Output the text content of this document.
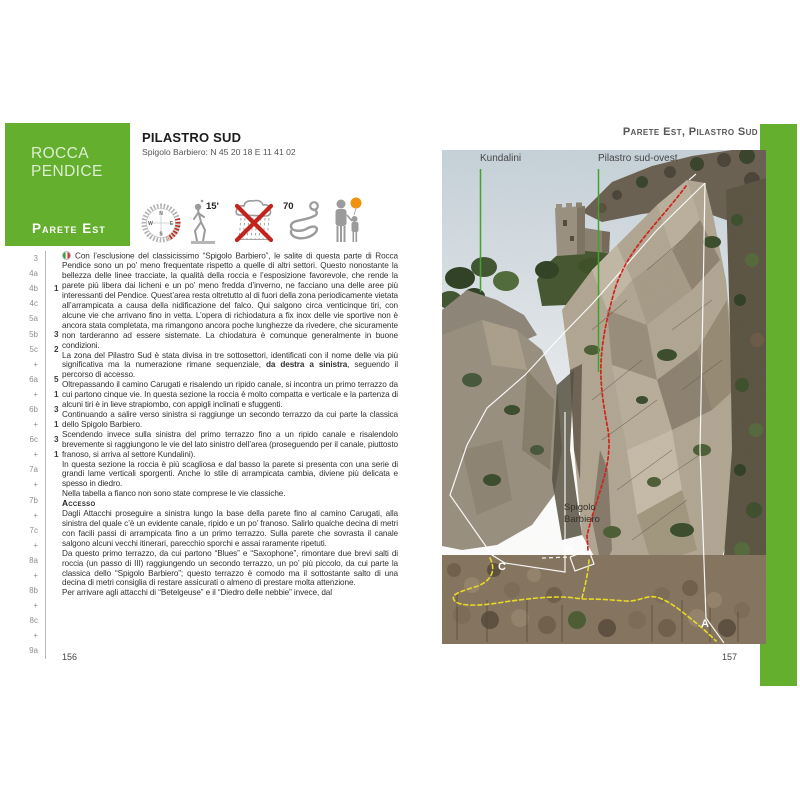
ROCCA PENDICE
Parete Est
PILASTRO SUD
Spigolo Barbiero: N 45 20 18 E 11 41 02
N
E
S
W
15'	70
3
4a
4b	1
4c
5a
5b	3
5c	2
+
6a	5
+	1
6b	3
+	1
6c	3
+	1
7a
+
7b
+
7c
+
8a
+
8b
+
8c
+
9a

Con l’esclusione del classicissimo “Spigolo Barbiero”, le salite di questa parte di Rocca Pendice sono un po’ meno frequentate rispetto a quelle di altri settori. Questo nonostante la bellezza delle linee tracciate, la qualità della roccia e l’esposizione favorevole, che rende la parete più libera dai licheni e un po’ meno fredda d’inverno, ne facciano una delle aree più interessanti del Pendice. Quest’area resta oltretutto al di fuori della zona periodicamente vietata all’arrampicata a causa della nidificazione del falco. Qui salgono circa venticinque tiri, con alcune vie che arrivano fino in vetta. L’opera di richiodatura a fix inox delle vie sportive non è ancora stata completata, ma rimangono ancora poche lunghezze da rivedere, che sicuramente non tarderanno ad essere sistemate. La chiodatura è comunque generalmente in buone condizioni.

La zona del Pilastro Sud è stata divisa in tre sottosettori, identificati con il nome delle via più significativa ma la numerazione rimane sequenziale, da destra a sinistra, seguendo il percorso di accesso.

Oltrepassando il camino Carugati e risalendo un ripido canale, si incontra un primo terrazzo da cui partono cinque vie. In questa sezione la roccia è molto compatta e verticale e la partenza di alcuni tiri è in lieve strapiombo, con appigli inclinati e sfuggenti.

Continuando a salire verso sinistra si raggiunge un secondo terrazzo da cui parte la classica dello Spigolo Barbiero.

Scendendo invece sulla sinistra del primo terrazzo fino a un ripido canale e risalendolo brevemente si raggiungono le vie del lato sinistro dell’area (proseguendo per il canale, piuttosto franoso, si arriva al settore Kundalini).

In questa sezione la roccia è più scagliosa e dal basso la parete si presenta con una serie di grandi lame verticali sporgenti. Anche lo stile di arrampicata cambia, diviene più delicata e spesso in diedro.

Nella tabella a fianco non sono state comprese le vie classiche.

Accesso

Dagli Attacchi proseguire a sinistra lungo la base della parete fino al camino Carugati, alla sinistra del quale c’è un evidente canale, ripido e un po’ franoso. Salirlo qualche decina di metri con facili passi di arrampicata fino a un primo terrazzo. Sulla parete che sovrasta il canale salgono alcuni vecchi itinerari, parecchio sporchi e assai raramente ripetuti.

Da questo primo terrazzo, da cui partono “Blues” e “Saxophone”, rimontare due brevi salti di roccia (un passo di III) raggiungendo un secondo terrazzo, un po’ più piccolo, da cui parte la classica dello “Spigolo Barbiero”; questo terrazzo è comodo ma il sottostante salto di una decina di metri consiglia di restare assicurati o almeno di prestare molta attenzione.

Per arrivare agli attacchi di “Betelgeuse” e il “Diedro delle nebbie” invece, dal

156
Parete Est, Pilastro Sud
A
B
C
Spigolo
Barbiero
Kundalini	Pilastro sud-ovest
157
